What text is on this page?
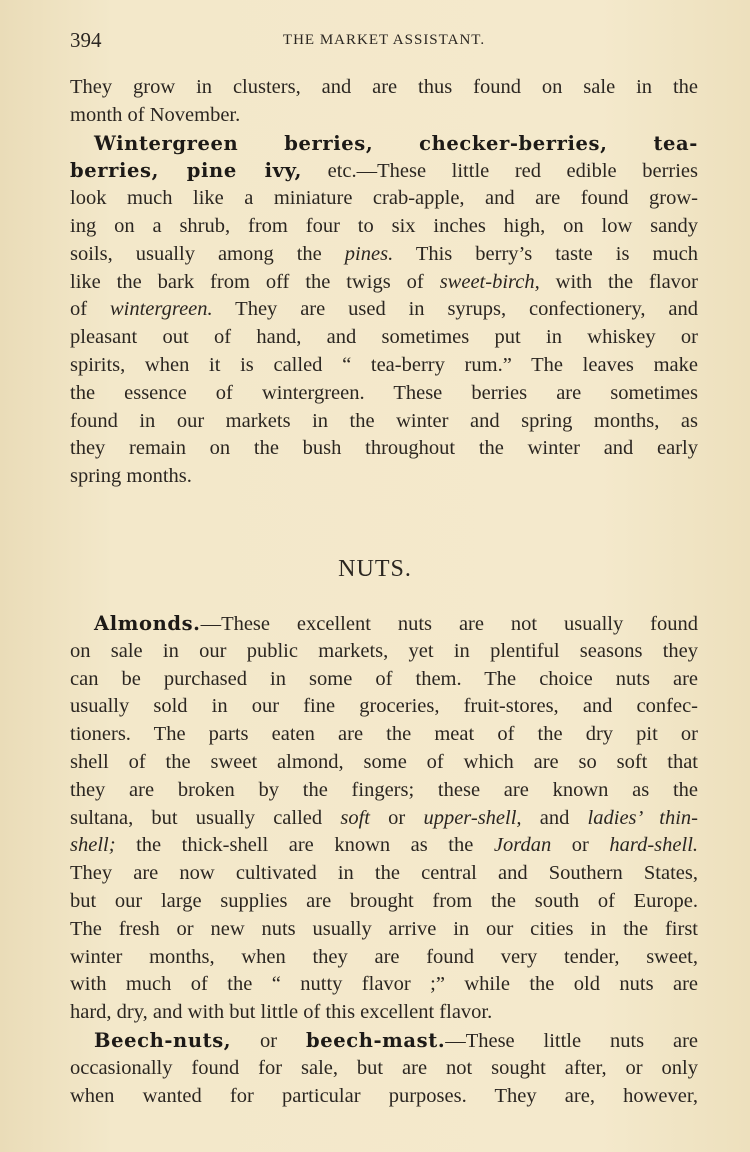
394	THE MARKET ASSISTANT.
They grow in clusters, and are thus found on sale in the
month of November.
Wintergreen berries, checker-berries, tea-
berries, pine ivy, etc.—These little red edible berries
look much like a miniature crab-apple, and are found grow-
ing on a shrub, from four to six inches high, on low sandy
soils, usually among the pines. This berry’s taste is much
like the bark from off the twigs of sweet-birch, with the flavor
of wintergreen. They are used in syrups, confectionery, and
pleasant out of hand, and sometimes put in whiskey or
spirits, when it is called “ tea-berry rum.” The leaves make
the essence of wintergreen. These berries are sometimes
found in our markets in the winter and spring months, as
they remain on the bush throughout the winter and early
spring months.
NUTS.
Almonds.—These excellent nuts are not usually found
on sale in our public markets, yet in plentiful seasons they
can be purchased in some of them. The choice nuts are
usually sold in our fine groceries, fruit-stores, and confec-
tioners. The parts eaten are the meat of the dry pit or
shell of the sweet almond, some of which are so soft that
they are broken by the fingers; these are known as the
sultana, but usually called soft or upper-shell, and ladies’ thin-
shell; the thick-shell are known as the Jordan or hard-shell.
They are now cultivated in the central and Southern States,
but our large supplies are brought from the south of Europe.
The fresh or new nuts usually arrive in our cities in the first
winter months, when they are found very tender, sweet,
with much of the “ nutty flavor ;” while the old nuts are
hard, dry, and with but little of this excellent flavor.
Beech-nuts, or beech-mast.—These little nuts are
occasionally found for sale, but are not sought after, or only
when wanted for particular purposes. They are, however,
